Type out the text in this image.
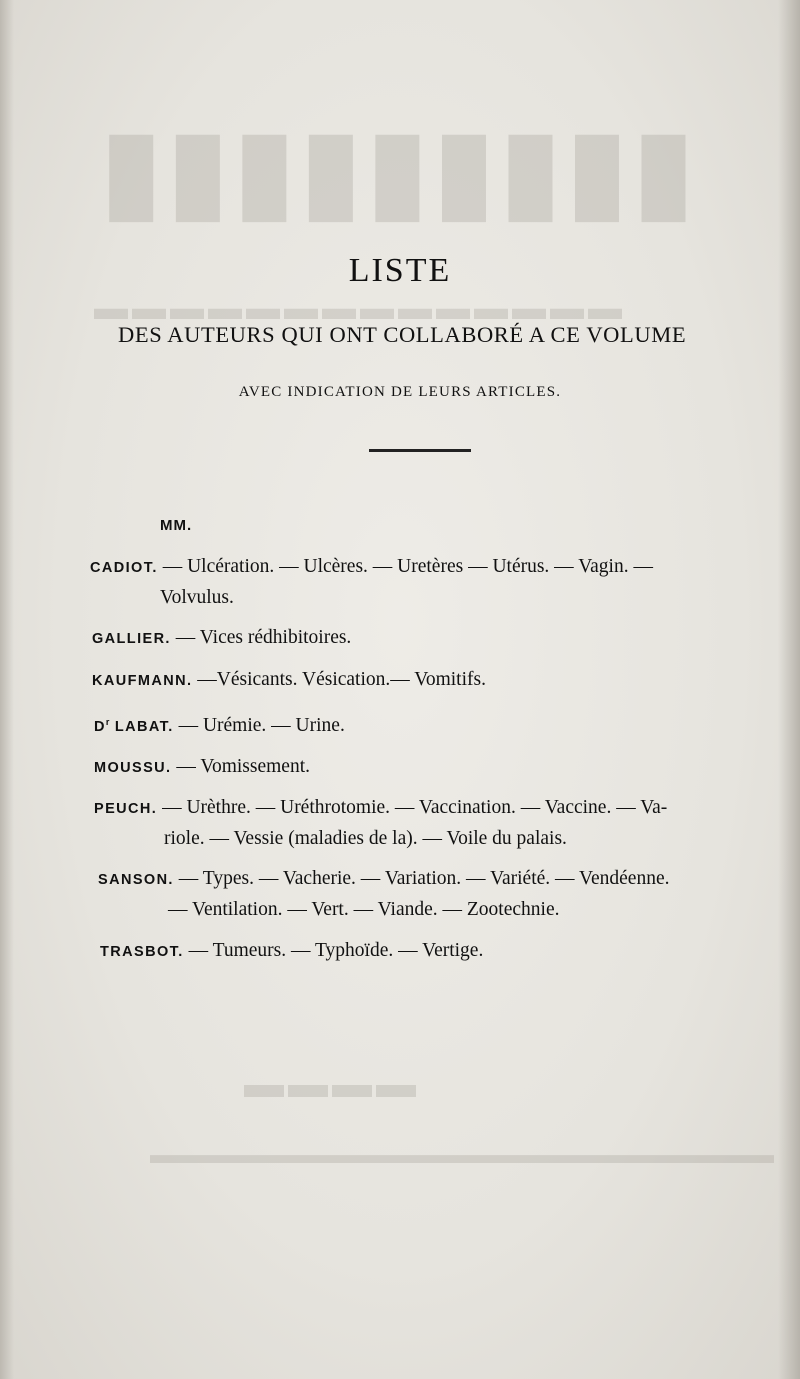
▮▮▮▮▮▮▮▮▮
▬▬▬▬▬▬▬▬▬▬▬▬▬▬
▬▬▬▬
▬▬▬▬▬▬▬▬▬▬▬▬▬▬▬▬▬▬▬▬▬▬▬▬
LISTE
DES AUTEURS QUI ONT COLLABORÉ A CE VOLUME
AVEC INDICATION DE LEURS ARTICLES.
MM.
CADIOT. — Ulcération. — Ulcères. — Uretères — Utérus. — Vagin. —
Volvulus.
GALLIER. — Vices rédhibitoires.
KAUFMANN. —Vésicants. Vésication.— Vomitifs.
$D^r$ LABAT. — Urémie. — Urine.
MOUSSU. — Vomissement.
PEUCH. — Urèthre. — Uréthrotomie. — Vaccination. — Vaccine. — Va-
riole. — Vessie (maladies de la). — Voile du palais.
SANSON. — Types. — Vacherie. — Variation. — Variété. — Vendéenne.
— Ventilation. — Vert. — Viande. — Zootechnie.
TRASBOT. — Tumeurs. — Typhoïde. — Vertige.
